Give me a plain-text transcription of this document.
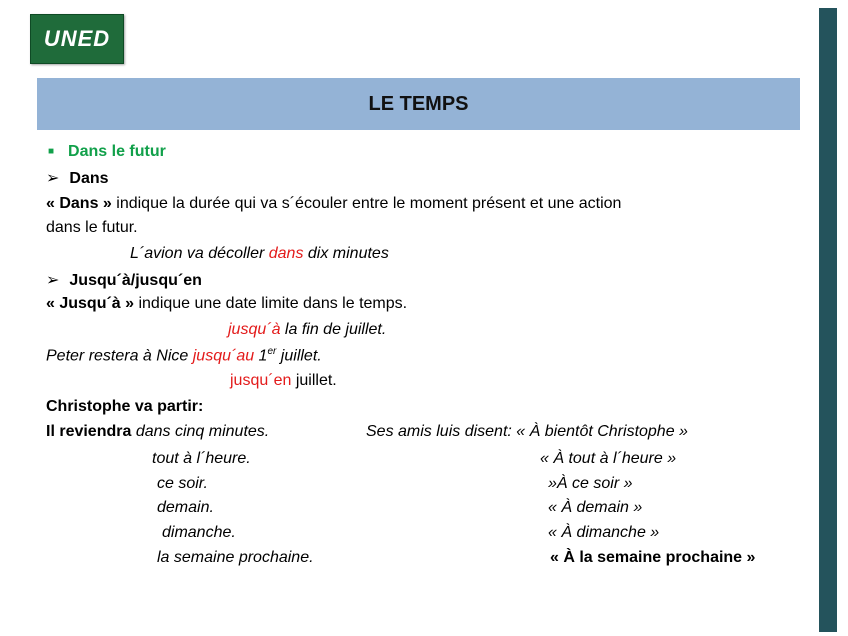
UNED
LE TEMPS
■ Dans le futur
➢ Dans
« Dans » indique la durée qui va s´écouler entre le moment présent et une action
dans le futur.
L´avion va décoller dans dix minutes
➢ Jusqu´à/jusqu´en
« Jusqu´à » indique une date limite dans le temps.
jusqu´à la fin de juillet.
Peter restera à Nice jusqu´au 1er juillet.
jusqu´en juillet.
Christophe va partir:
Il reviendra dans cinq minutes.	Ses amis luis disent: « À bientôt Christophe »
tout à l´heure.
ce soir.
demain.
dimanche.
la semaine prochaine.
« À tout à l´heure »
»À ce soir »
« À demain »
« À dimanche »
« À la semaine prochaine »
